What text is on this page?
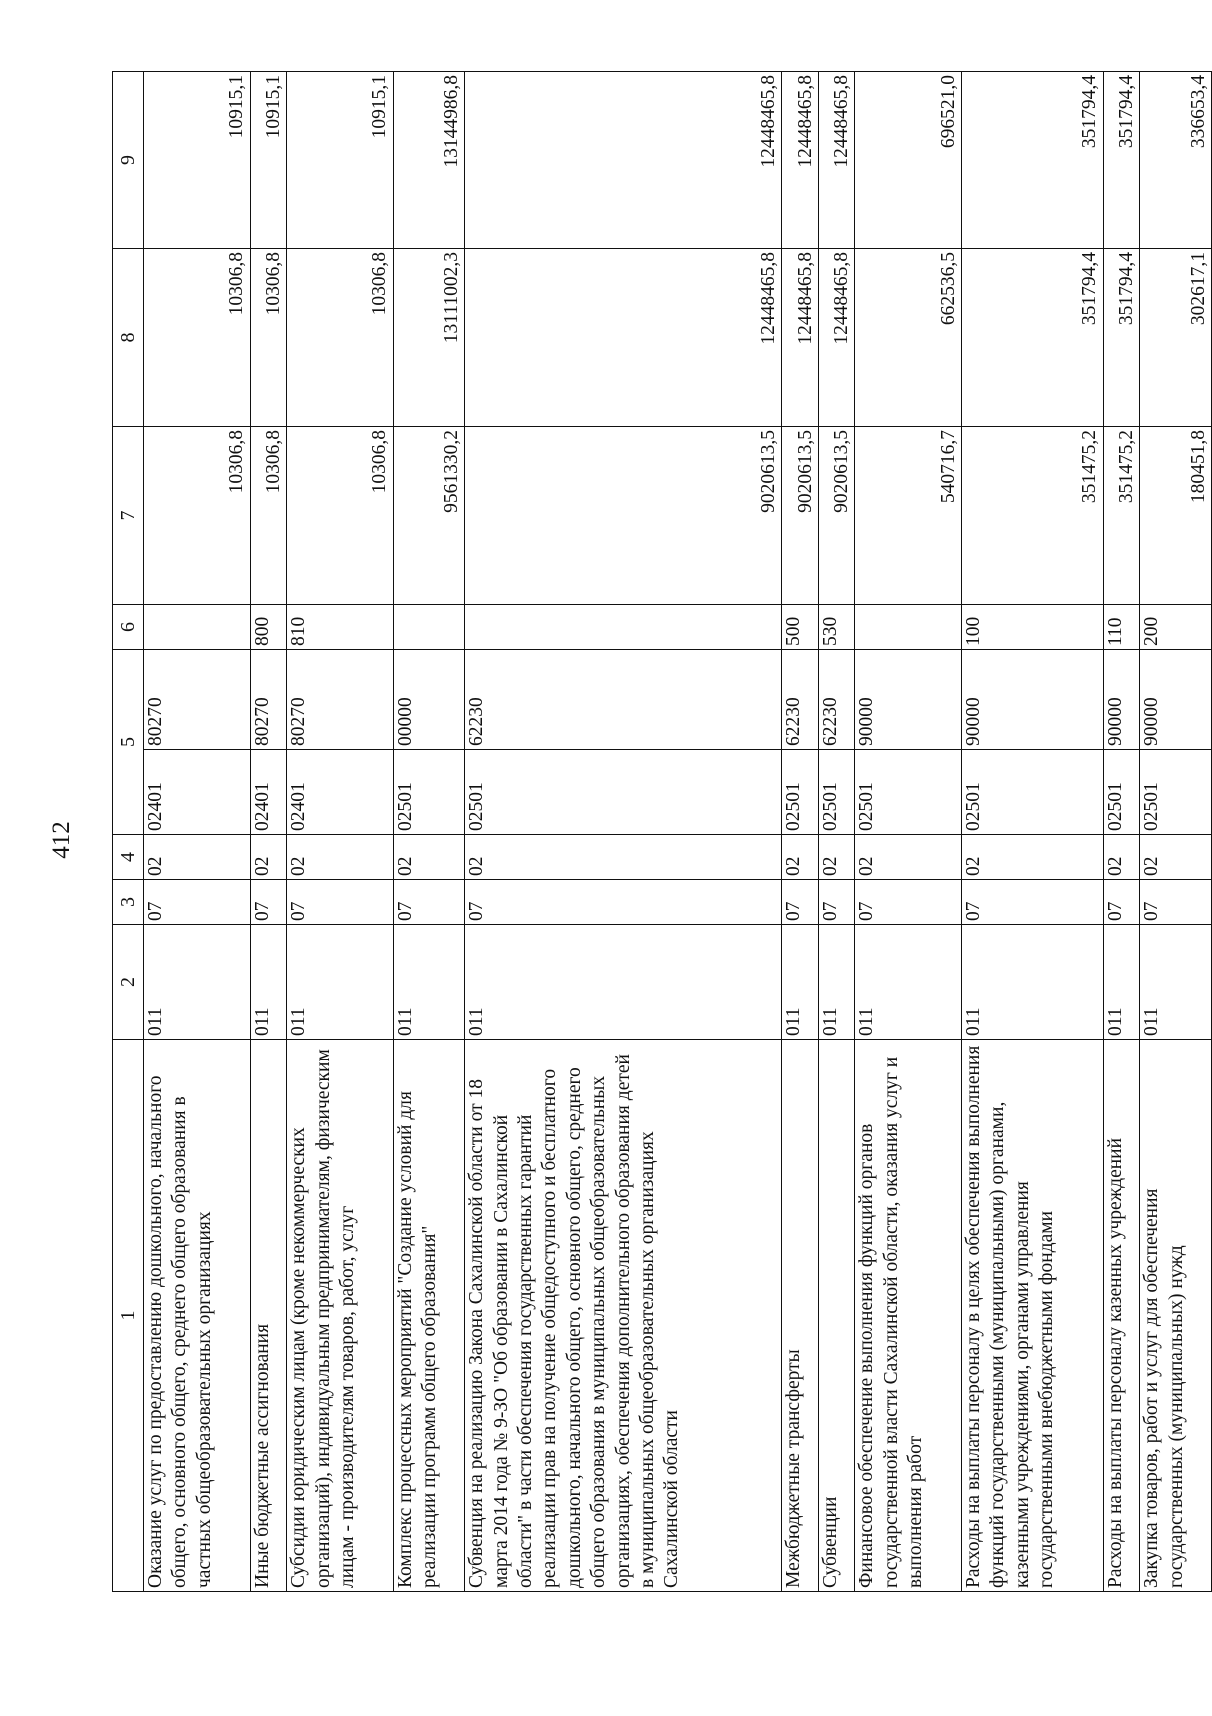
412
1	2	3	4	5		6	7	8	9
Оказание услуг по предоставлению дошкольного, начального общего, основного общего, среднего общего образования в частных общеобразовательных организациях	011	07	02	02401	80270		10306,8	10306,8	10915,1
Иные бюджетные ассигнования	011	07	02	02401	80270	800	10306,8	10306,8	10915,1
Субсидии юридическим лицам (кроме некоммерческих организаций), индивидуальным предпринимателям, физическим лицам - производителям товаров, работ, услуг	011	07	02	02401	80270	810	10306,8	10306,8	10915,1
Комплекс процессных мероприятий "Создание условий для реализации программ общего образования"	011	07	02	02501	00000		9561330,2	13111002,3	13144986,8
Субвенция на реализацию Закона Сахалинской области от 18 марта 2014 года № 9-ЗО "Об образовании в Сахалинской области" в части обеспечения государственных гарантий реализации прав на получение общедоступного и бесплатного дошкольного, начального общего, основного общего, среднего общего образования в муниципальных общеобразовательных организациях, обеспечения дополнительного образования детей в муниципальных общеобразовательных организациях Сахалинской области	011	07	02	02501	62230		9020613,5	12448465,8	12448465,8
Межбюджетные трансферты	011	07	02	02501	62230	500	9020613,5	12448465,8	12448465,8
Субвенции	011	07	02	02501	62230	530	9020613,5	12448465,8	12448465,8
Финансовое обеспечение выполнения функций органов государственной власти Сахалинской области, оказания услуг и выполнения работ	011	07	02	02501	90000		540716,7	662536,5	696521,0
Расходы на выплаты персоналу в целях обеспечения выполнения функций государственными (муниципальными) органами, казенными учреждениями, органами управления государственными внебюджетными фондами	011	07	02	02501	90000	100	351475,2	351794,4	351794,4
Расходы на выплаты персоналу казенных учреждений	011	07	02	02501	90000	110	351475,2	351794,4	351794,4
Закупка товаров, работ и услуг для обеспечения государственных (муниципальных) нужд	011	07	02	02501	90000	200	180451,8	302617,1	336653,4
